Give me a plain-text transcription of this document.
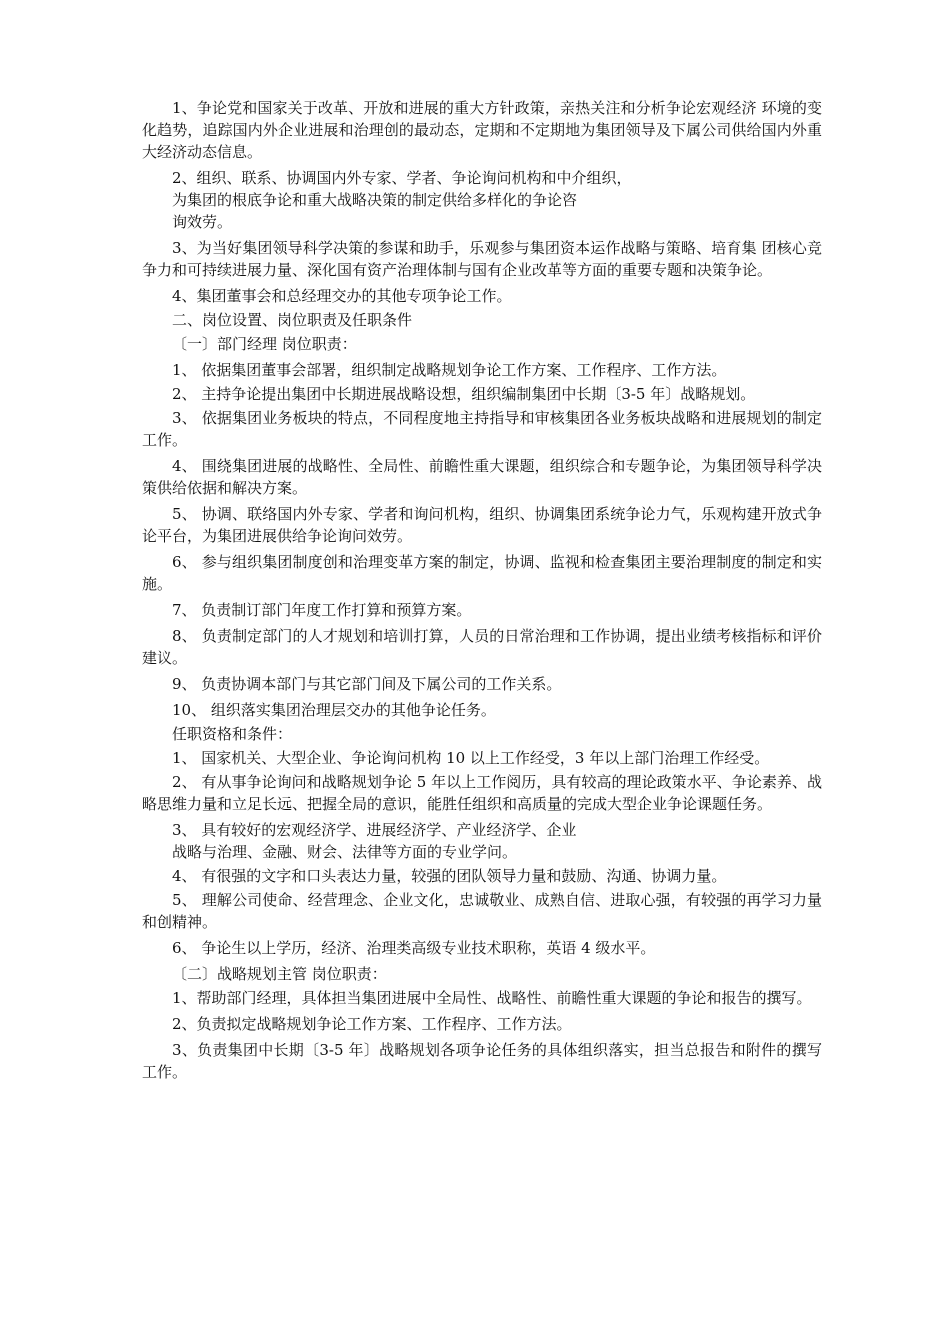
1、争论党和国家关于改革、开放和进展的重大方针政策，亲热关注和分析争论宏观经济 环境的变化趋势，追踪国内外企业进展和治理创的最动态，定期和不定期地为集团领导及下属公司供给国内外重大经济动态信息。

2、组织、联系、协调国内外专家、学者、争论询问机构和中介组织，

为集团的根底争论和重大战略决策的制定供给多样化的争论咨

询效劳。

3、为当好集团领导科学决策的参谋和助手，乐观参与集团资本运作战略与策略、培育集 团核心竞争力和可持续进展力量、深化国有资产治理体制与国有企业改革等方面的重要专题和决策争论。

4、集团董事会和总经理交办的其他专项争论工作。

二、岗位设置、岗位职责及任职条件

〔一〕部门经理 岗位职责：

1、 依据集团董事会部署，组织制定战略规划争论工作方案、工作程序、工作方法。

2、 主持争论提出集团中长期进展战略设想，组织编制集团中长期〔3-5 年〕战略规划。

3、 依据集团业务板块的特点，不同程度地主持指导和审核集团各业务板块战略和进展规划的制定工作。

4、 围绕集团进展的战略性、全局性、前瞻性重大课题，组织综合和专题争论，为集团领导科学决策供给依据和解决方案。

5、 协调、联络国内外专家、学者和询问机构，组织、协调集团系统争论力气，乐观构建开放式争论平台，为集团进展供给争论询问效劳。

6、 参与组织集团制度创和治理变革方案的制定，协调、监视和检查集团主要治理制度的制定和实施。

7、 负责制订部门年度工作打算和预算方案。

8、 负责制定部门的人才规划和培训打算，人员的日常治理和工作协调，提出业绩考核指标和评价建议。

9、 负责协调本部门与其它部门间及下属公司的工作关系。

10、 组织落实集团治理层交办的其他争论任务。

任职资格和条件：

1、 国家机关、大型企业、争论询问机构 10 以上工作经受，3 年以上部门治理工作经受。

2、 有从事争论询问和战略规划争论 5 年以上工作阅历，具有较高的理论政策水平、争论素养、战略思维力量和立足长远、把握全局的意识，能胜任组织和高质量的完成大型企业争论课题任务。

3、 具有较好的宏观经济学、进展经济学、产业经济学、企业

战略与治理、金融、财会、法律等方面的专业学问。

4、 有很强的文字和口头表达力量，较强的团队领导力量和鼓励、沟通、协调力量。

5、 理解公司使命、经营理念、企业文化，忠诚敬业、成熟自信、进取心强，有较强的再学习力量和创精神。

6、 争论生以上学历，经济、治理类高级专业技术职称，英语 4 级水平。

〔二〕战略规划主管 岗位职责：

1、帮助部门经理，具体担当集团进展中全局性、战略性、前瞻性重大课题的争论和报告的撰写。

2、负责拟定战略规划争论工作方案、工作程序、工作方法。

3、负责集团中长期〔3-5 年〕战略规划各项争论任务的具体组织落实，担当总报告和附件的撰写工作。
